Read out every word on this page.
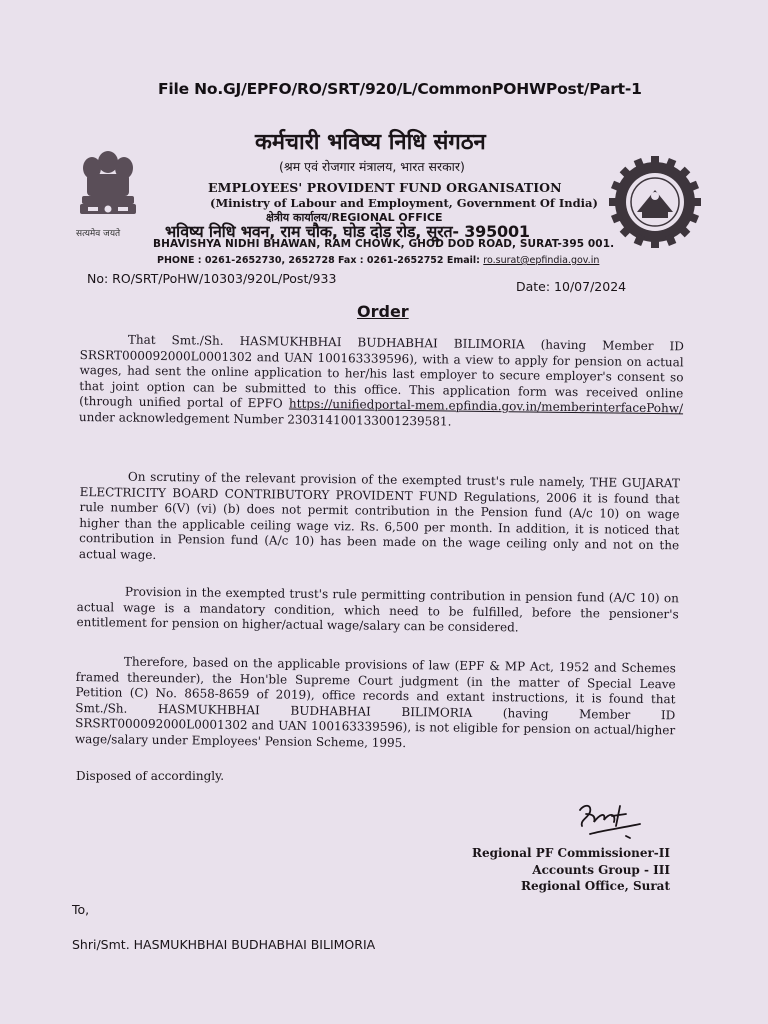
File No.GJ/EPFO/RO/SRT/920/L/CommonPOHWPost/Part-1
सत्यमेव जयते
कर्मचारी भविष्य निधि संगठन
(श्रम एवं रोजगार मंत्रालय, भारत सरकार)
EMPLOYEES' PROVIDENT FUND ORGANISATION
(Ministry of Labour and Employment, Government Of India)
क्षेत्रीय कार्यालय/REGIONAL OFFICE
भविष्य निधि भवन, राम चौक, घोड दोड़ रोड, सूरत- 395001
BHAVISHYA NIDHI BHAWAN, RAM CHOWK, GHOD DOD ROAD, SURAT-395 001.
PHONE : 0261-2652730, 2652728 Fax : 0261-2652752 Email: ro.surat@epfindia.gov.in
No: RO/SRT/PoHW/10303/920L/Post/933
Date: 10/07/2024
Order
That Smt./Sh. HASMUKHBHAI BUDHABHAI BILIMORIA (having Member ID SRSRT000092000L0001302 and UAN 100163339596), with a view to apply for pension on actual wages, had sent the online application to her/his last employer to secure employer's consent so that joint option can be submitted to this office. This application form was received online (through unified portal of EPFO https://unifiedportal-mem.epfindia.gov.in/memberinterfacePohw/ under acknowledgement Number 230314100133001239581.
On scrutiny of the relevant provision of the exempted trust's rule namely, THE GUJARAT ELECTRICITY BOARD CONTRIBUTORY PROVIDENT FUND Regulations, 2006 it is found that rule number 6(V) (vi) (b) does not permit contribution in the Pension fund (A/c 10) on wage higher than the applicable ceiling wage viz. Rs. 6,500 per month. In addition, it is noticed that contribution in Pension fund (A/c 10) has been made on the wage ceiling only and not on the actual wage.
Provision in the exempted trust's rule permitting contribution in pension fund (A/C 10) on actual wage is a mandatory condition, which need to be fulfilled, before the pensioner's entitlement for pension on higher/actual wage/salary can be considered.
Therefore, based on the applicable provisions of law (EPF & MP Act, 1952 and Schemes framed thereunder), the Hon'ble Supreme Court judgment (in the matter of Special Leave Petition (C) No. 8658-8659 of 2019), office records and extant instructions, it is found that Smt./Sh. HASMUKHBHAI BUDHABHAI BILIMORIA (having Member ID SRSRT000092000L0001302 and UAN 100163339596), is not eligible for pension on actual/higher wage/salary under Employees' Pension Scheme, 1995.
Disposed of accordingly.
Regional PF Commissioner-II
Accounts Group - III
Regional Office, Surat
To,
Shri/Smt. HASMUKHBHAI BUDHABHAI BILIMORIA
